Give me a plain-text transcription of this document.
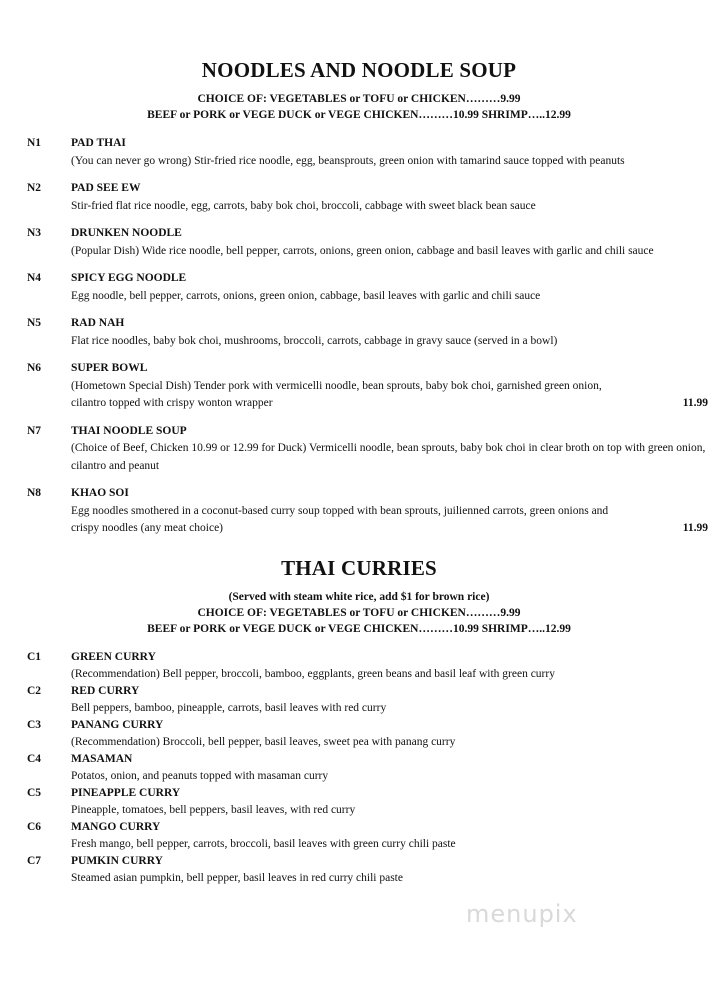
NOODLES AND NOODLE SOUP

CHOICE OF: VEGETABLES or TOFU or CHICKEN………9.99

BEEF or PORK or VEGE DUCK or VEGE CHICKEN………10.99 SHRIMP…..12.99

N1	PAD THAI
(You can never go wrong) Stir-fried rice noodle, egg, beansprouts, green onion with tamarind sauce topped with peanuts
N2	PAD SEE EW
Stir-fried flat rice noodle, egg, carrots, baby bok choi, broccoli, cabbage with sweet black bean sauce
N3	DRUNKEN NOODLE
(Popular Dish) Wide rice noodle, bell pepper, carrots, onions, green onion, cabbage and basil leaves with garlic and chili sauce
N4	SPICY EGG NOODLE
Egg noodle, bell pepper, carrots, onions, green onion, cabbage, basil leaves with garlic and chili sauce
N5	RAD NAH
Flat rice noodles, baby bok choi, mushrooms, broccoli, carrots, cabbage in gravy sauce (served in a bowl)
N6	SUPER BOWL
(Hometown Special Dish) Tender pork with vermicelli noodle, bean sprouts, baby bok choi, garnished green onion, cilantro topped with crispy wonton wrapper	11.99
N7	THAI NOODLE SOUP
(Choice of Beef, Chicken 10.99 or 12.99 for Duck) Vermicelli noodle, bean sprouts, baby bok choi in clear broth on top with green onion, cilantro and peanut
N8	KHAO SOI
Egg noodles smothered in a coconut-based curry soup topped with bean sprouts, juilienned carrots, green onions and crispy noodles (any meat choice)	11.99
THAI CURRIES

(Served with steam white rice, add $1 for brown rice)

CHOICE OF: VEGETABLES or TOFU or CHICKEN………9.99

BEEF or PORK or VEGE DUCK or VEGE CHICKEN………10.99 SHRIMP…..12.99

C1	GREEN CURRY
(Recommendation) Bell pepper, broccoli, bamboo, eggplants, green beans and basil leaf with green curry
C2	RED CURRY
Bell peppers, bamboo, pineapple, carrots, basil leaves with red curry
C3	PANANG CURRY
(Recommendation) Broccoli, bell pepper, basil leaves, sweet pea with panang curry
C4	MASAMAN
Potatos, onion, and peanuts topped with masaman curry
C5	PINEAPPLE CURRY
Pineapple, tomatoes, bell peppers, basil leaves, with red curry
C6	MANGO CURRY
Fresh mango, bell pepper, carrots, broccoli, basil leaves with green curry chili paste
C7	PUMKIN CURRY
Steamed asian pumpkin, bell pepper, basil leaves in red curry chili paste
menupix
